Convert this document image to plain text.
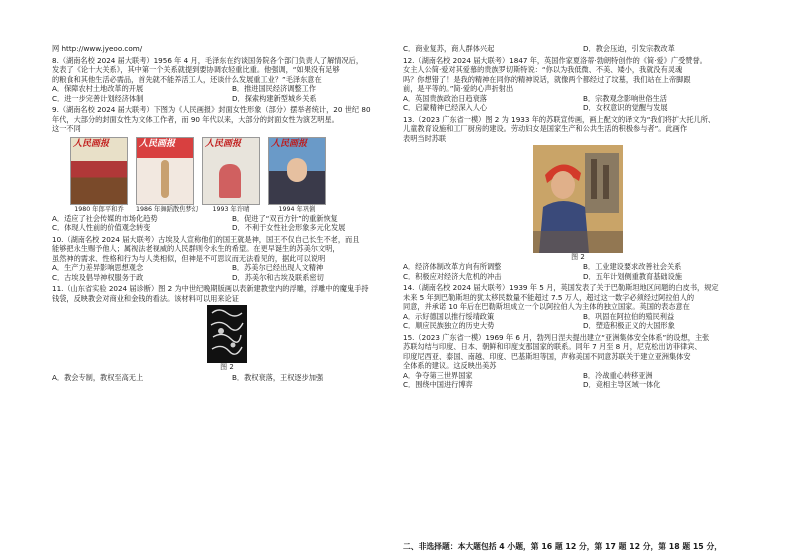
网 http://www.jyeoo.com/
8.（湖南名校 2024 届大联考）1956 年 4 月，毛泽东在约谈国务院各个部门负责人了解情况后，
发表了《论十大关系》，其中第一个关系就提到要协调农轻重比重。他强调，“如果没有足够
的粮食和其他生活必需品，首先就不能养活工人，还谈什么发展重工业？”毛泽东意在
A．保障农村土地改革的开展	B．推进国民经济调整工作
C．进一步完善计划经济体制	D．探索构建新型城乡关系
9.（湖南名校 2024 届大联考）下图为《人民画报》封面女性形象（部分）摆举者统计，20 世纪 80
年代，大部分的封面女性为文体工作者，而 90 年代以来，大部分的封面女性为演艺明星。
这一不同
人民画报	人民画报	人民画报	人民画报
1980 年郎平和乔	1986 年舞蹈散焦梦幻	1993 年许晴	1994 年巩俐
A．适应了社会传媒的市场化趋势	B．促进了“双百方针”的重新恢复
C．体现人性前的价值观念转变	D．不利于女性社会形象多元化发展
10.（湖南名校 2024 届大联考）古埃及人宣称他们的国王就是神，国王不仅自己长生不老，而且
能够把永生赐予他人；属视法老视威的人民群则令永生的希望。在更早诞生的苏美尔文明，
虽然神的需求、性格和行为与人类相似，但神是不可思议而无法看见的，据此可以说明
A．生产力差异影响思想观念	B．苏美尔已经出现人文精神
C．古埃及倡导神权服务于政	D．苏美尔和古埃及联系密切
11.（山东省实验 2024 届诊断）图 2 为中世纪晚期版画以表新建教堂内的浮雕，浮雕中的魔鬼手持
钱袋，反映教会对商业和金钱的看法。该材料可以用来论证
图 2
A．教会专制，教权至高无上	B．教权衰落，王权逐步加强
C．商业复苏，商人群体兴起	D．教会压迫，引发宗教改革
12.（湖南名校 2024 届大联考）1847 年，英国作家夏洛蒂·勃朗特创作的《简·爱》广受赞誉。
女主人公简·爱对其爱慕的贵族罗切斯特说：“你以为我低微、不美、矮小，我就没有灵魂
吗？你想错了！是我的精神在同你的精神说话，就像两个都经过了坟墓，我们站在上帝脚跟
前，是平等的。”简·爱的心声折射出
A．英国贵族政治日趋衰落	B．宗教观念影响世俗生活
C．启蒙精神已经深入人心	D．女权意识的觉醒与发展
13.（2023 广东省一模）图 2 为 1933 年的苏联宣传画，画上配文的译文为“我们将扩大托儿所、
儿童教育设施和工厂厨房的建设。劳动妇女是国家生产和公共生活的积极参与者”。此画作
表明当时苏联
图 2
A．经济体制改革方向有所调整	B．工业建设要求改善社会关系
C．积极应对经济大危机的冲击	D．五年计划侧重教育基础设施
14.（湖南名校 2024 届大联考）1939 年 5 月，英国发表了关于巴勒斯坦地区问题的白皮书，规定
未来 5 年到巴勒斯坦的犹太移民数量不能超过 7.5 万人，超过这一数字必须经过阿拉伯人的
同意，并承诺 10 年后在巴勒斯坦成立一个以阿拉伯人为主体的独立国家。英国的表态意在
A．示好德国以推行绥靖政策	B．巩固在阿拉伯的殖民利益
C．顺应民族独立的历史大势	D．塑造积极正义的大国形象
15.（2023 广东省一模）1969 年 6 月，勃列日涅夫提出建立“亚洲集体安全体系”的设想，主张
苏联勾结与印度、日本、朝鲜和印度支那国家的联系。同年 7 月至 8 月，尼克松出访菲律宾、
印度尼西亚、泰国、南越、印度、巴基斯坦等国，声称美国不同意苏联关于建立亚洲集体安
全体系的建议。这反映出美苏
A．争夺第三世界国家	B．冷战重心转移亚洲
C．围绕中国进行博弈	D．竞相主导区域一体化
二、非选择题：本大题包括 4 小题，第 16 题 12 分，第 17 题 12 分，第 18 题 15 分，
